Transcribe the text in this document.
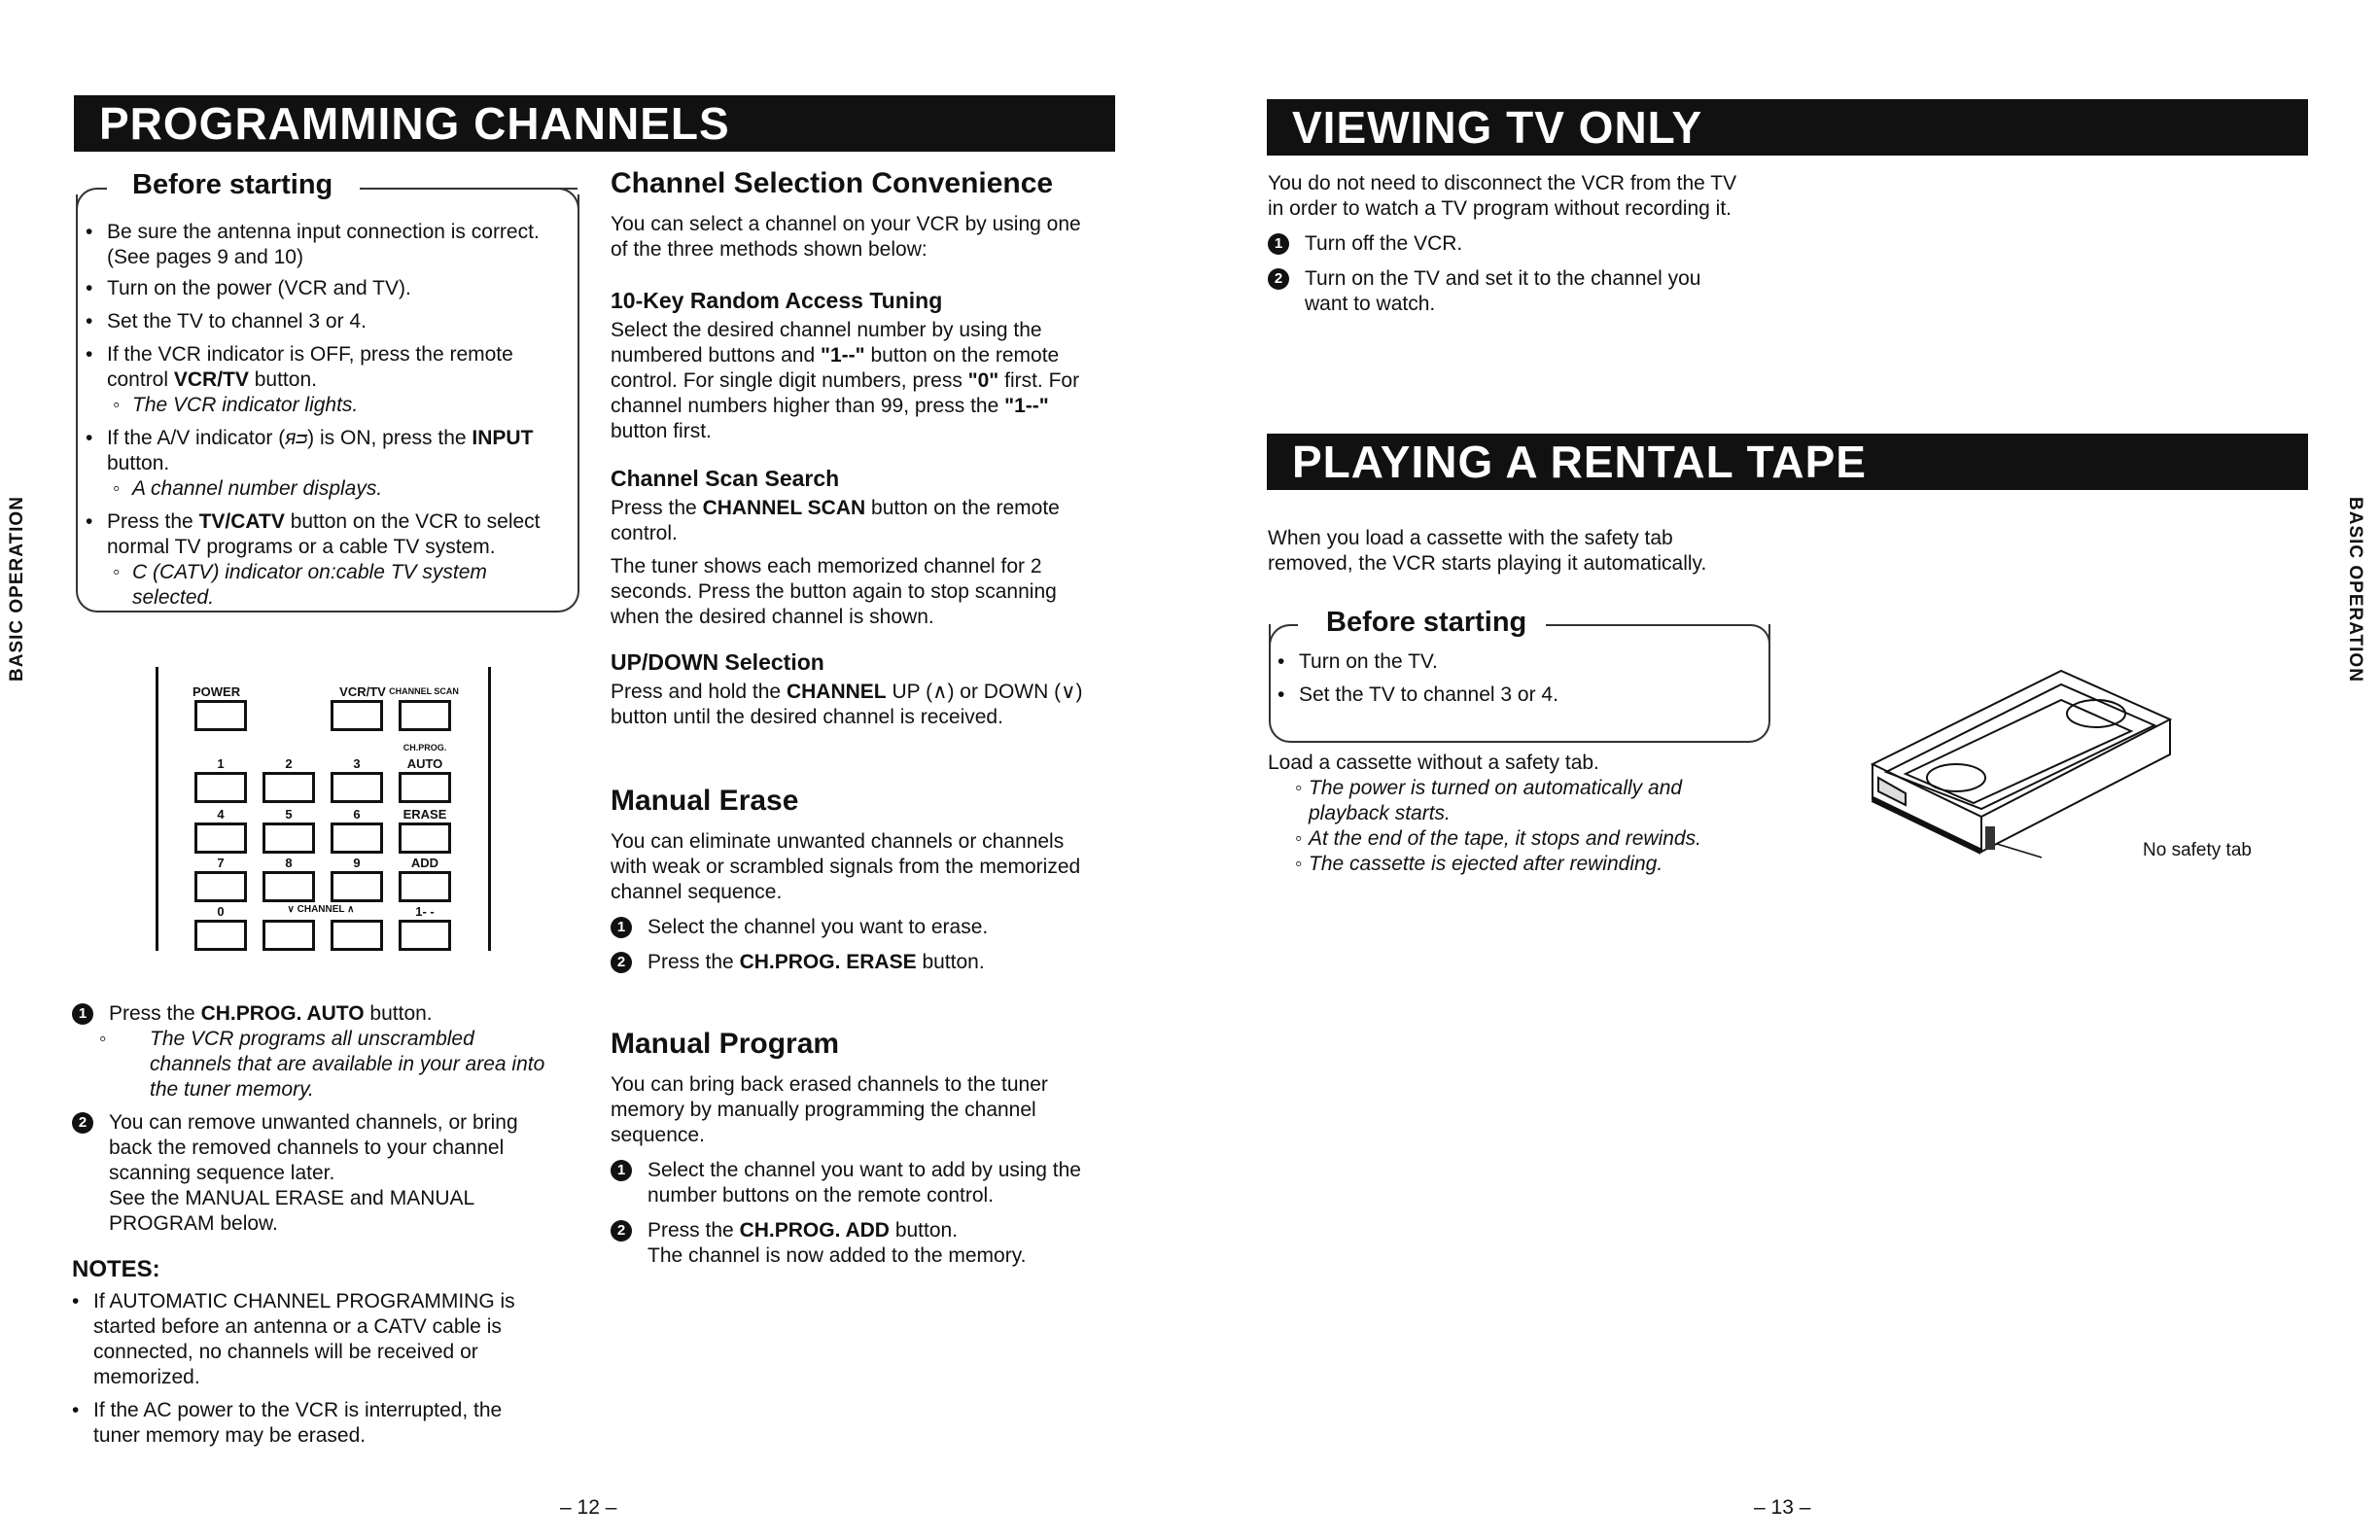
PROGRAMMING CHANNELS
Before starting
• Be sure the antenna input connection is correct.
(See pages 9 and 10)
• Turn on the power (VCR and TV).
• Set the TV to channel 3 or 4.
• If the VCR indicator is OFF, press the remote
control VCR/TV button.
◦ The VCR indicator lights.
• If the A/V indicator (ᴙᴝ) is ON, press the INPUT
button.
◦ A channel number displays.
• Press the TV/CATV button on the VCR to select
normal TV programs or a cable TV system.
◦ C (CATV) indicator on:cable TV system
selected.
BASIC OPERATION
POWER	VCR/TV CHANNEL SCAN
CH.PROG.
1	2	3	AUTO
4	5	6	ERASE
7	8	9	ADD
0	∨ CHANNEL ∧	1- -
1	Press the CH.PROG. AUTO button.
◦ The VCR programs all unscrambled
channels that are available in your area into
the tuner memory.
2	You can remove unwanted channels, or bring
back the removed channels to your channel
scanning sequence later.
See the MANUAL ERASE and MANUAL
PROGRAM below.
NOTES:
• If AUTOMATIC CHANNEL PROGRAMMING is
started before an antenna or a CATV cable is
connected, no channels will be received or
memorized.
• If the AC power to the VCR is interrupted, the
tuner memory may be erased.
Channel Selection Convenience
You can select a channel on your VCR by using one
of the three methods shown below:
10-Key Random Access Tuning
Select the desired channel number by using the
numbered buttons and "1--" button on the remote
control. For single digit numbers, press "0" first. For
channel numbers higher than 99, press the "1--"
button first.
Channel Scan Search
Press the CHANNEL SCAN button on the remote
control.
The tuner shows each memorized channel for 2
seconds. Press the button again to stop scanning
when the desired channel is shown.
UP/DOWN Selection
Press and hold the CHANNEL UP (∧) or DOWN (∨)
button until the desired channel is received.
Manual Erase
You can eliminate unwanted channels or channels
with weak or scrambled signals from the memorized
channel sequence.
1	Select the channel you want to erase.
2	Press the CH.PROG. ERASE button.
Manual Program
You can bring back erased channels to the tuner
memory by manually programming the channel
sequence.
1	Select the channel you want to add by using the
number buttons on the remote control.
2	Press the CH.PROG. ADD button.
The channel is now added to the memory.
– 12 –
VIEWING TV ONLY
You do not need to disconnect the VCR from the TV
in order to watch a TV program without recording it.
1	Turn off the VCR.
2	Turn on the TV and set it to the channel you
want to watch.
PLAYING A RENTAL TAPE
When you load a cassette with the safety tab
removed, the VCR starts playing it automatically.
Before starting
• Turn on the TV.
• Set the TV to channel 3 or 4.
Load a cassette without a safety tab.
◦ The power is turned on automatically and
playback starts.
◦ At the end of the tape, it stops and rewinds.
◦ The cassette is ejected after rewinding.
No safety tab
BASIC OPERATION
– 13 –
